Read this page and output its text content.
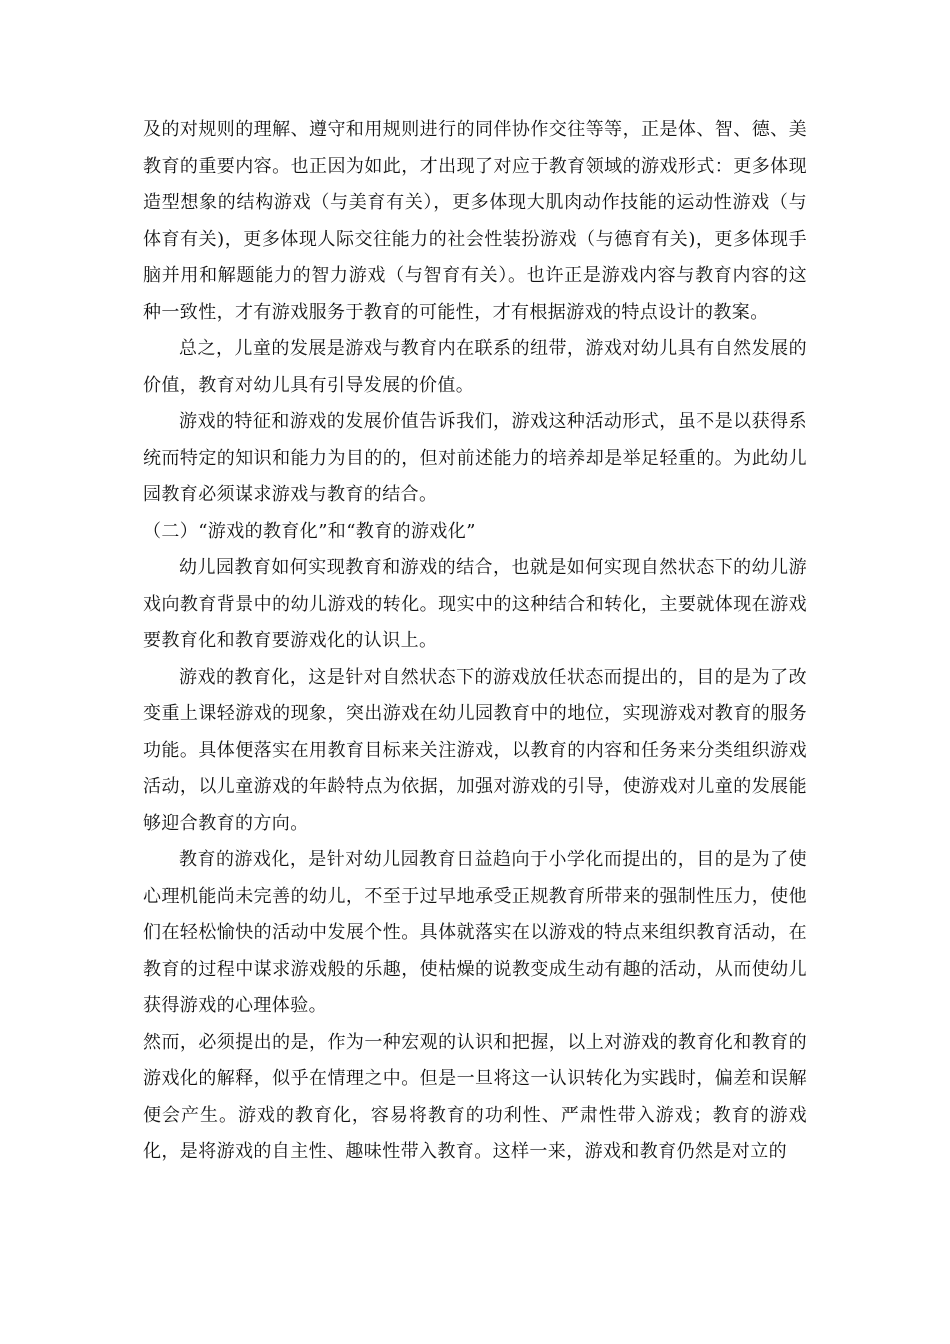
及的对规则的理解、遵守和用规则进行的同伴协作交往等等，正是体、智、德、美教育的重要内容。也正因为如此，才出现了对应于教育领域的游戏形式：更多体现造型想象的结构游戏（与美育有关），更多体现大肌肉动作技能的运动性游戏（与体育有关)，更多体现人际交往能力的社会性装扮游戏（与德育有关)，更多体现手脑并用和解题能力的智力游戏（与智育有关）。也许正是游戏内容与教育内容的这种一致性，才有游戏服务于教育的可能性，才有根据游戏的特点设计的教案。

总之，儿童的发展是游戏与教育内在联系的纽带，游戏对幼儿具有自然发展的价值，教育对幼儿具有引导发展的价值。

游戏的特征和游戏的发展价值告诉我们，游戏这种活动形式，虽不是以获得系统而特定的知识和能力为目的的，但对前述能力的培养却是举足轻重的。为此幼儿园教育必须谋求游戏与教育的结合。

（二）“游戏的教育化”和“教育的游戏化”

幼儿园教育如何实现教育和游戏的结合，也就是如何实现自然状态下的幼儿游戏向教育背景中的幼儿游戏的转化。现实中的这种结合和转化，主要就体现在游戏要教育化和教育要游戏化的认识上。

游戏的教育化，这是针对自然状态下的游戏放任状态而提出的，目的是为了改变重上课轻游戏的现象，突出游戏在幼儿园教育中的地位，实现游戏对教育的服务功能。具体便落实在用教育目标来关注游戏，以教育的内容和任务来分类组织游戏活动，以儿童游戏的年龄特点为依据，加强对游戏的引导，使游戏对儿童的发展能够迎合教育的方向。

教育的游戏化，是针对幼儿园教育日益趋向于小学化而提出的，目的是为了使心理机能尚未完善的幼儿，不至于过早地承受正规教育所带来的强制性压力，使他们在轻松愉快的活动中发展个性。具体就落实在以游戏的特点来组织教育活动，在教育的过程中谋求游戏般的乐趣，使枯燥的说教变成生动有趣的活动，从而使幼儿获得游戏的心理体验。

然而，必须提出的是，作为一种宏观的认识和把握，以上对游戏的教育化和教育的游戏化的解释，似乎在情理之中。但是一旦将这一认识转化为实践时，偏差和误解便会产生。游戏的教育化，容易将教育的功利性、严肃性带入游戏；教育的游戏化，是将游戏的自主性、趣味性带入教育。这样一来，游戏和教育仍然是对立的
